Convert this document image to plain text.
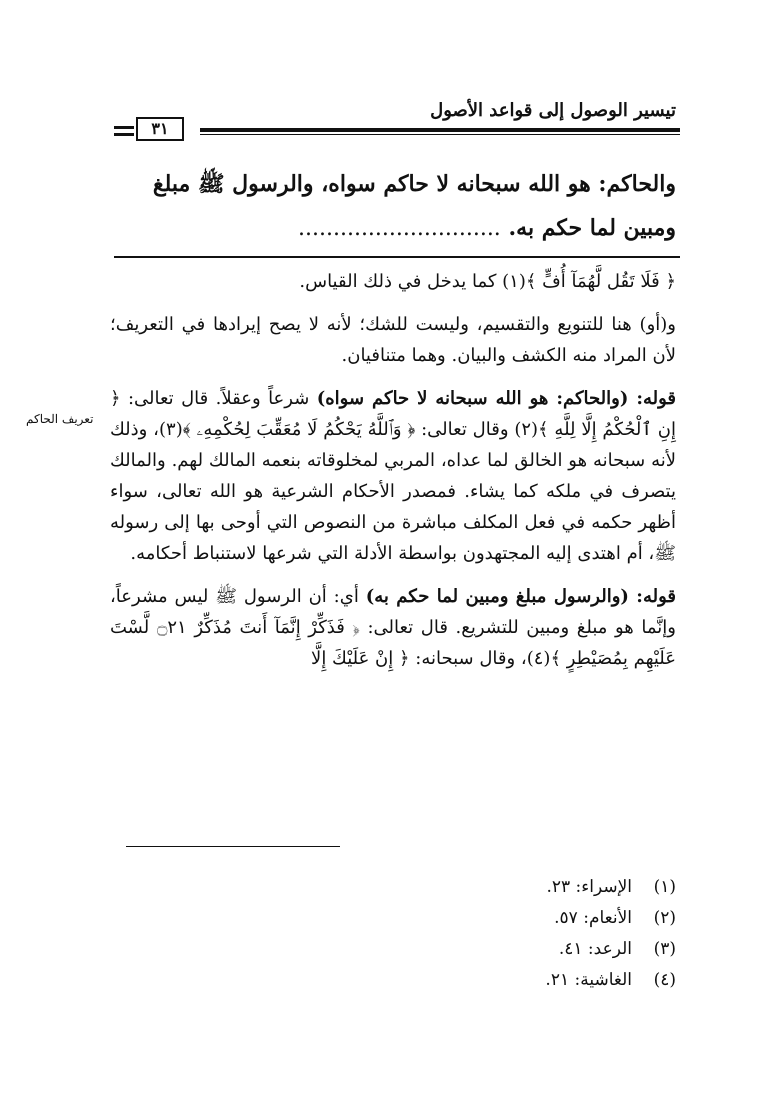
تيسير الوصول إلى قواعد الأصول
٣١
والحاكم: هو الله سبحانه لا حاكم سواه، والرسول ﷺ مبلغ
ومبين لما حكم به. .............................
تعريف الحاكم

﴿ فَلَا تَقُل لَّهُمَآ أُفٍّ ﴾(١) كما يدخل في ذلك القياس.

و(أو) هنا للتنويع والتقسيم، وليست للشك؛ لأنه لا يصح إيرادها في التعريف؛ لأن المراد منه الكشف والبيان. وهما متنافيان.

قوله: (والحاكم: هو الله سبحانه لا حاكم سواه) شرعاً وعقلاً. قال تعالى: ﴿ إِنِ ٱلْحُكْمُ إِلَّا لِلَّهِ ﴾(٢) وقال تعالى: ﴿ وَٱللَّهُ يَحْكُمُ لَا مُعَقِّبَ لِحُكْمِهِۦ ﴾(٣)، وذلك لأنه سبحانه هو الخالق لما عداه، المربي لمخلوقاته بنعمه المالك لهم. والمالك يتصرف في ملكه كما يشاء. فمصدر الأحكام الشرعية هو الله تعالى، سواء أظهر حكمه في فعل المكلف مباشرة من النصوص التي أوحى بها إلى رسوله ﷺ، أم اهتدى إليه المجتهدون بواسطة الأدلة التي شرعها لاستنباط أحكامه.

قوله: (والرسول مبلغ ومبين لما حكم به) أي: أن الرسول ﷺ ليس مشرعاً، وإنَّما هو مبلغ ومبين للتشريع. قال تعالى: ﴿ فَذَكِّرْ إِنَّمَآ أَنتَ مُذَكِّرٌ ۝٢١ لَّسْتَ عَلَيْهِم بِمُصَيْطِرٍ ﴾(٤)، وقال سبحانه: ﴿ إِنْ عَلَيْكَ إِلَّا

(١)الإسراء: ٢٣.
(٢)الأنعام: ٥٧.
(٣)الرعد: ٤١.
(٤)الغاشية: ٢١.
